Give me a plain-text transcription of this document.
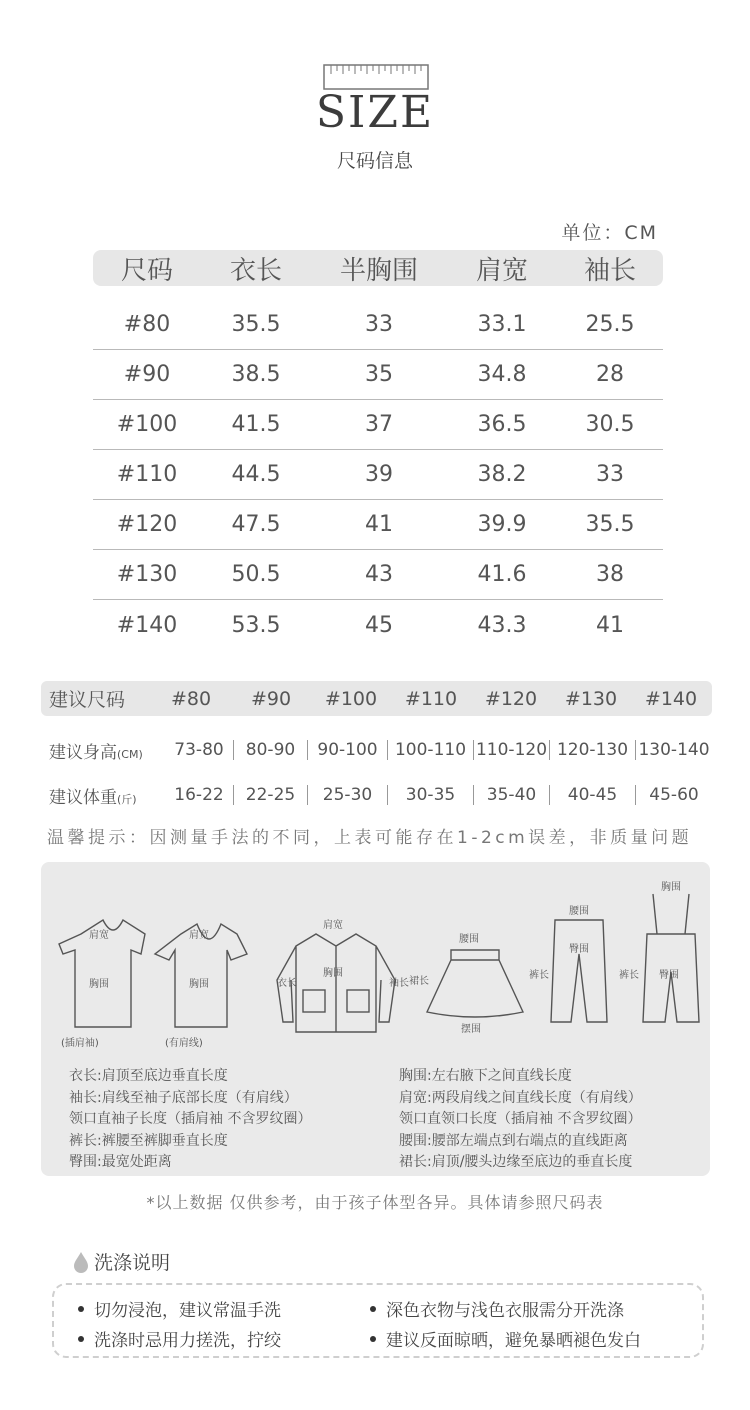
SIZE
尺码信息
单位：CM
尺码	衣长	半胸围	肩宽	袖长
#80	35.5	33	33.1	25.5
#90	38.5	35	34.8	28
#100	41.5	37	36.5	30.5
#110	44.5	39	38.2	33
#120	47.5	41	39.9	35.5
#130	50.5	43	41.6	38
#140	53.5	45	43.3	41
建议尺码	#80	#90	#100	#110	#120	#130	#140
建议身高(CM)	73-80	80-90	90-100	100-110 110-120 120-130 130-140
建议体重(斤)	16-22	22-25	25-30	30-35	35-40	40-45	45-60
温馨提示：因测量手法的不同，上表可能存在1-2cm误差，非质量问题
肩宽
胸围
肩宽
胸围
肩宽
胸围
衣长	袖长
腰围
裙长
摆围
腰围
臀围
裤长
胸围
裤长 臀围
(插肩袖)	(有肩线)
衣长:肩顶至底边垂直长度
袖长:肩线至袖子底部长度（有肩线）
领口直袖子长度（插肩袖 不含罗纹圈）
裤长:裤腰至裤脚垂直长度
臀围:最宽处距离
胸围:左右腋下之间直线长度
肩宽:两段肩线之间直线长度（有肩线）
领口直领口长度（插肩袖 不含罗纹圈）
腰围:腰部左端点到右端点的直线距离
裙长:肩顶/腰头边缘至底边的垂直长度
*以上数据 仅供参考，由于孩子体型各异。具体请参照尺码表
洗涤说明
切勿浸泡，建议常温手洗	深色衣物与浅色衣服需分开洗涤
洗涤时忌用力搓洗，拧绞	建议反面晾晒，避免暴晒褪色发白
